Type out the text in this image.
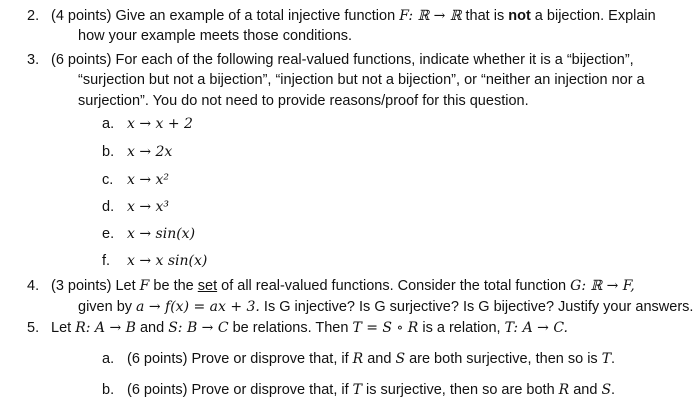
2. (4 points) Give an example of a total injective function F: ℝ → ℝ that is not a bijection. Explain
how your example meets those conditions.
3. (6 points) For each of the following real-valued functions, indicate whether it is a “bijection”,
“surjection but not a bijection”, “injection but not a bijection”, or “neither an injection nor a
surjection”. You do not need to provide reasons/proof for this question.
a. x → x + 2
b. x → 2x
c. x → x²
d. x → x³
e. x → sin(x)
f. x → x sin(x)
4. (3 points) Let F be the set of all real-valued functions. Consider the total function G: ℝ → F,
given by a → f(x) = ax + 3. Is G injective? Is G surjective? Is G bijective? Justify your answers.
5. Let R: A → B and S: B → C be relations. Then T = S ∘ R is a relation, T: A → C.
a. (6 points) Prove or disprove that, if R and S are both surjective, then so is T.
b. (6 points) Prove or disprove that, if T is surjective, then so are both R and S.
